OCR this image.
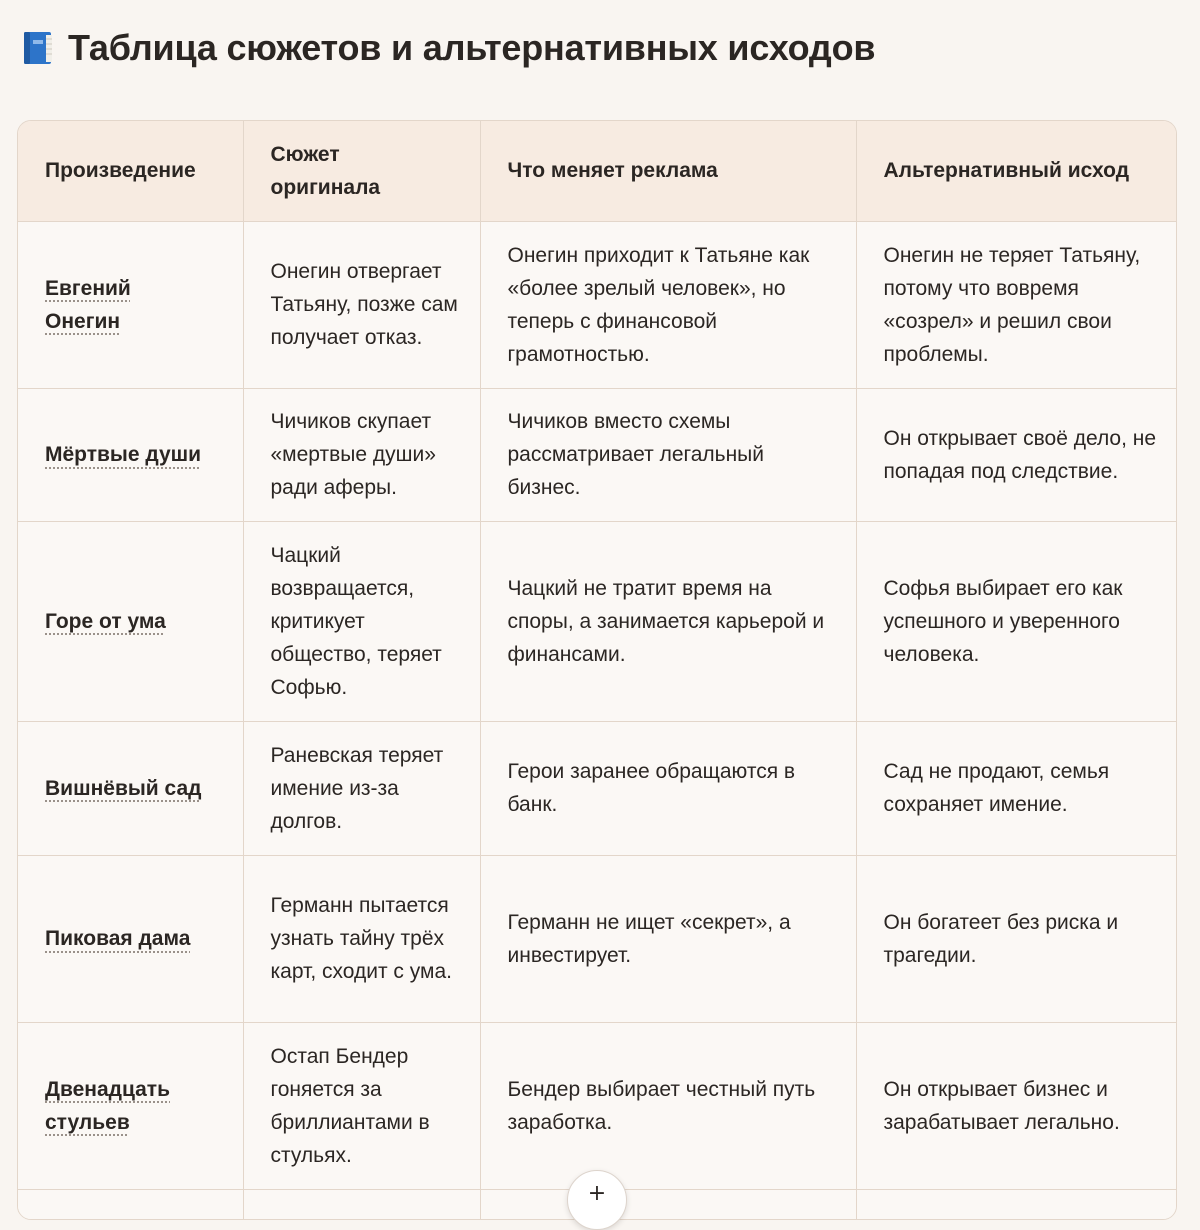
Таблица сюжетов и альтернативных исходов
Произведение	Сюжет оригинала	Что меняет реклама	Альтернативный исход
Евгений Онегин	Онегин отвергает Татьяну, позже сам получает отказ.	Онегин приходит к Татьяне как «более зрелый человек», но теперь с финансовой грамотностью.	Онегин не теряет Татьяну, потому что вовремя «созрел» и решил свои проблемы.
Мёртвые души	Чичиков скупает «мертвые души» ради аферы.	Чичиков вместо схемы рассматривает легальный бизнес.	Он открывает своё дело, не попадая под следствие.
Горе от ума	Чацкий возвращается, критикует общество, теряет Софью.	Чацкий не тратит время на споры, а занимается карьерой и финансами.	Софья выбирает его как успешного и уверенного человека.
Вишнёвый сад	Раневская теряет имение из-за долгов.	Герои заранее обращаются в банк.	Сад не продают, семья сохраняет имение.
Пиковая дама	Германн пытается узнать тайну трёх карт, сходит с ума.	Германн не ищет «секрет», а инвестирует.	Он богатеет без риска и трагедии.
Двенадцать стульев	Остап Бендер гоняется за бриллиантами в стульях.	Бендер выбирает честный путь заработка.	Он открывает бизнес и зарабатывает легально.

+
